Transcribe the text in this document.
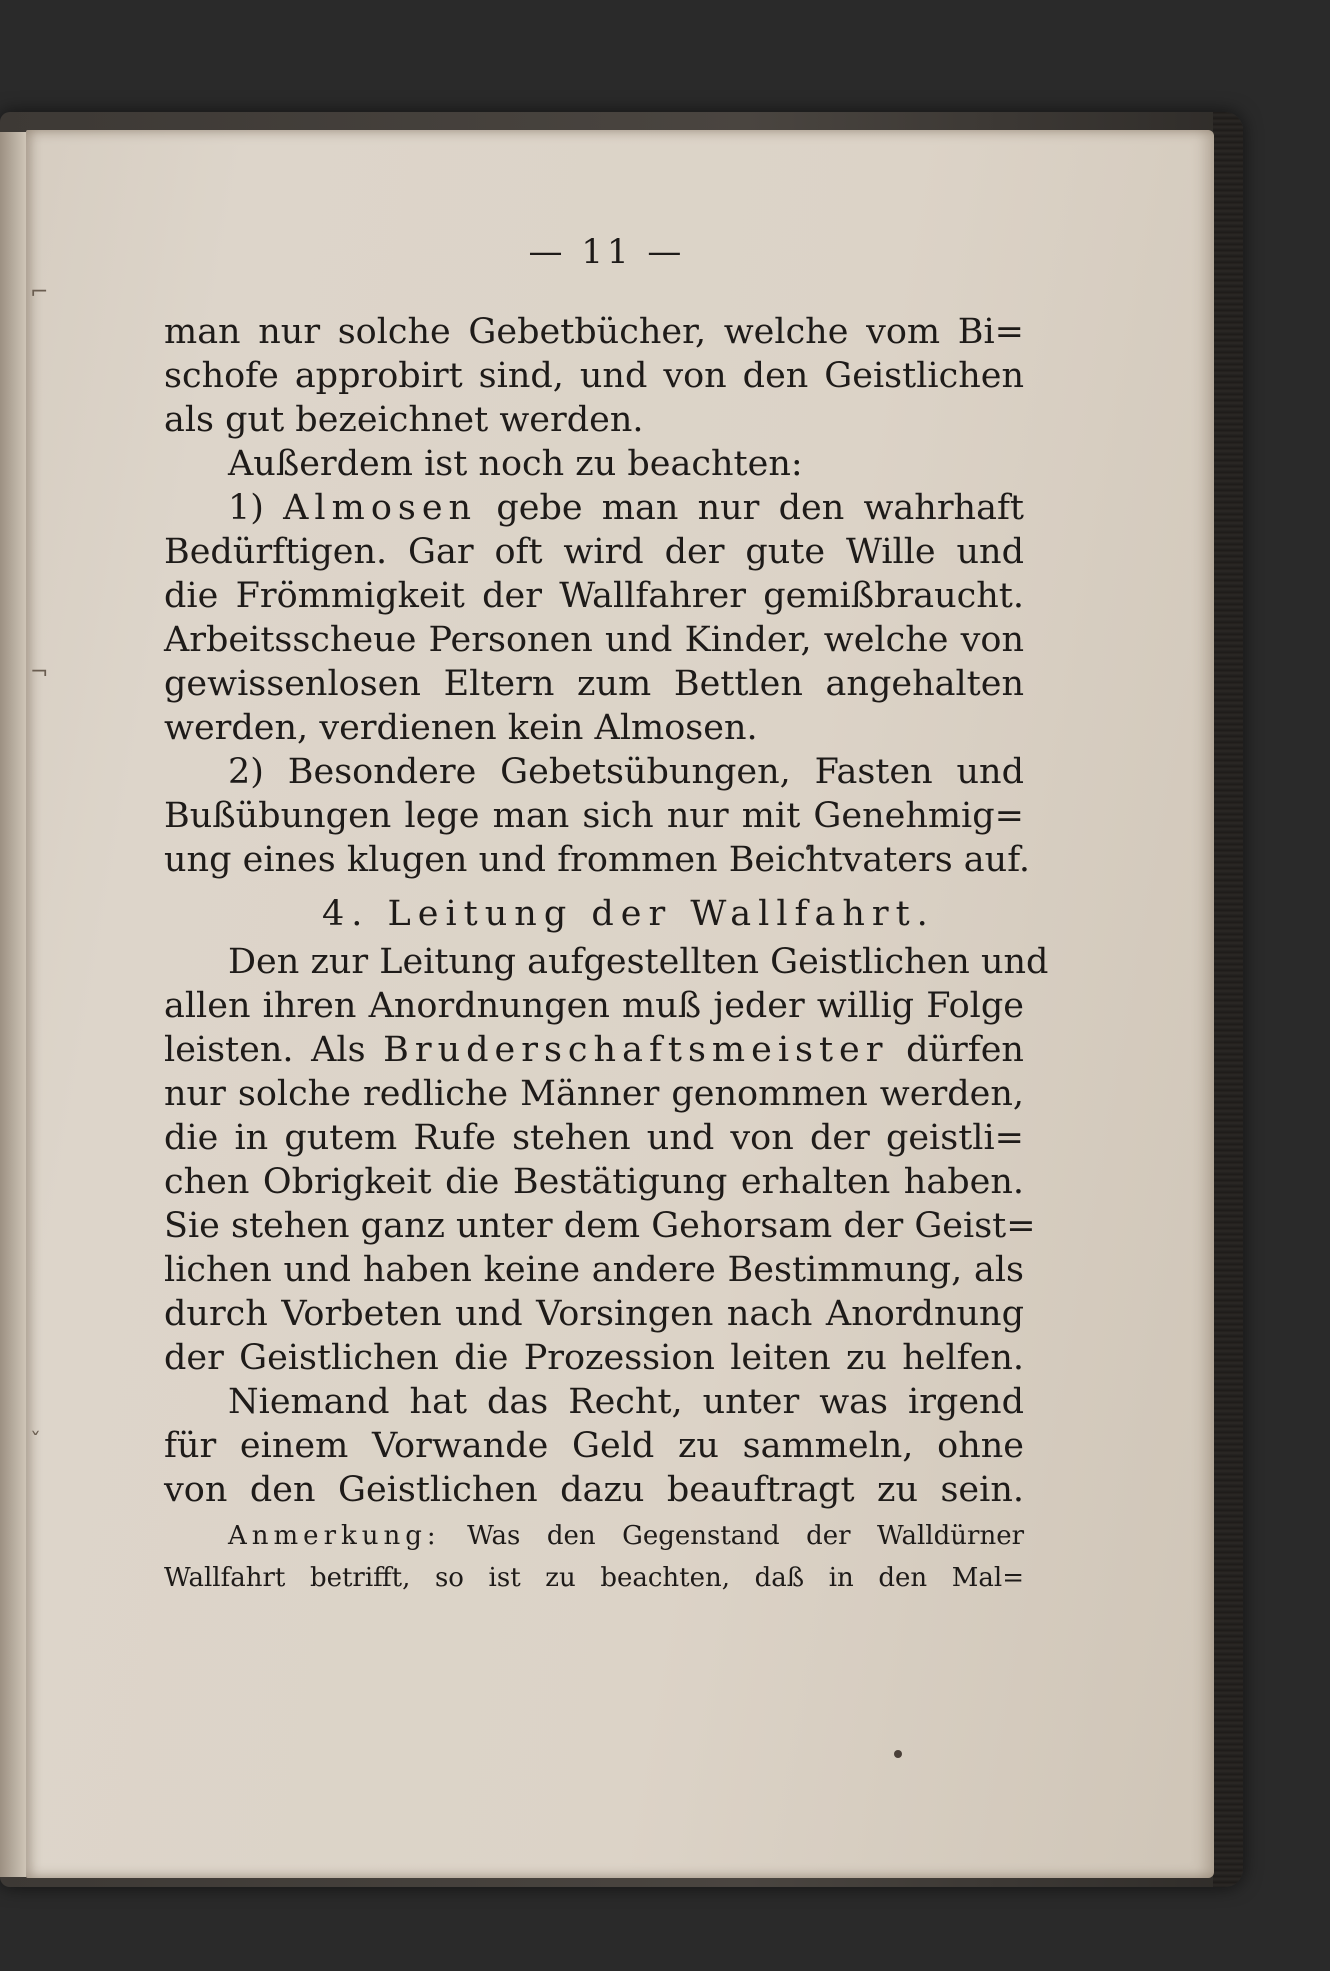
⌐
¬
ˇ
— 11 —
man nur solche Gebetbücher, welche vom Bi=
schofe approbirt sind, und von den Geistlichen
als gut bezeichnet werden.
Außerdem ist noch zu beachten:
1) Almosen gebe man nur den wahrhaft
Bedürftigen. Gar oft wird der gute Wille und
die Frömmigkeit der Wallfahrer gemißbraucht.
Arbeitsscheue Personen und Kinder, welche von
gewissenlosen Eltern zum Bettlen angehalten
werden, verdienen kein Almosen.
2) Besondere Gebetsübungen, Fasten und
Bußübungen lege man sich nur mit Genehmig=
ung eines klugen und frommen Beichtvaters auf.
4. Leitung der Wallfahrt.
Den zur Leitung aufgestellten Geistlichen und
allen ihren Anordnungen muß jeder willig Folge
leisten. Als Bruderschaftsmeister dürfen
nur solche redliche Männer genommen werden,
die in gutem Rufe stehen und von der geistli=
chen Obrigkeit die Bestätigung erhalten haben.
Sie stehen ganz unter dem Gehorsam der Geist=
lichen und haben keine andere Bestimmung, als
durch Vorbeten und Vorsingen nach Anordnung
der Geistlichen die Prozession leiten zu helfen.
Niemand hat das Recht, unter was irgend
für einem Vorwande Geld zu sammeln, ohne
von den Geistlichen dazu beauftragt zu sein.
Anmerkung: Was den Gegenstand der Walldürner
Wallfahrt betrifft, so ist zu beachten, daß in den Mal=
